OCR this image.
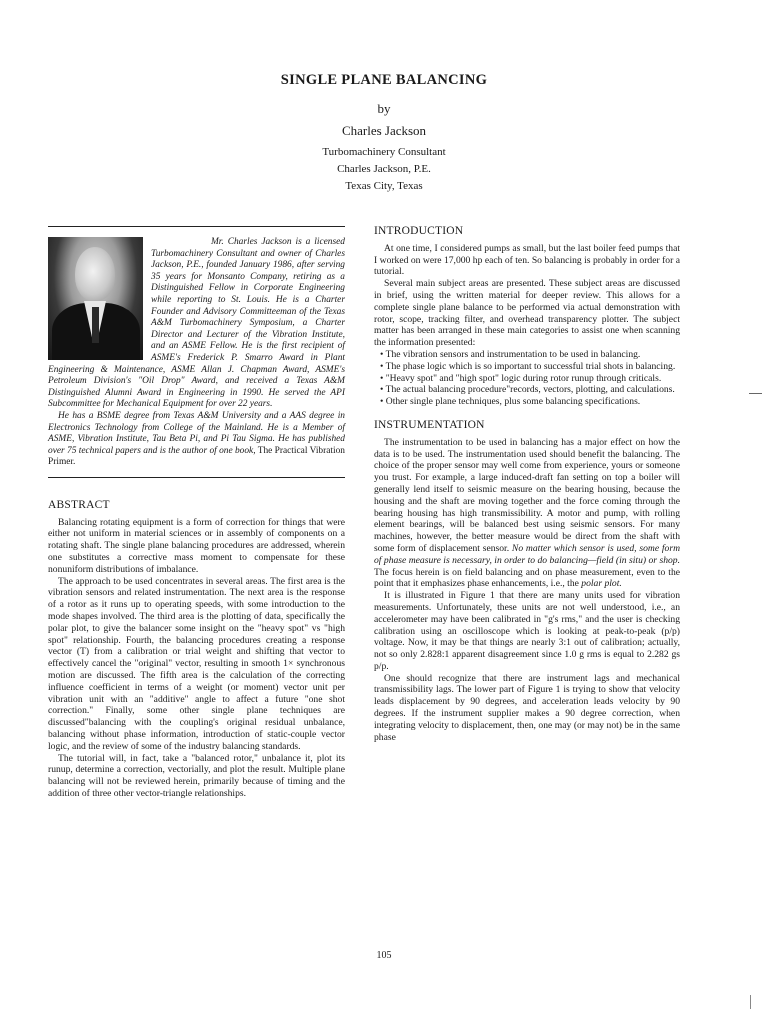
SINGLE PLANE BALANCING
by
Charles Jackson
Turbomachinery Consultant
Charles Jackson, P.E.
Texas City, Texas

Mr. Charles Jackson is a licensed Turbomachinery Consultant and owner of Charles Jackson, P.E., founded January 1986, after serving 35 years for Monsanto Company, retiring as a Distinguished Fellow in Corporate Engineering while reporting to St. Louis. He is a Charter Founder and Advisory Committeeman of the Texas A&M Turbomachinery Symposium, a Charter Director and Lecturer of the Vibration Institute, and an ASME Fellow. He is the first recipient of ASME's Frederick P. Smarro Award in Plant Engineering & Maintenance, ASME Allan J. Chapman Award, ASME's Petroleum Division's "Oil Drop" Award, and received a Texas A&M Distinguished Alumni Award in Engineering in 1990. He served the API Subcommittee for Mechanical Equipment for over 22 years.

He has a BSME degree from Texas A&M University and a AAS degree in Electronics Technology from College of the Mainland. He is a Member of ASME, Vibration Institute, Tau Beta Pi, and Pi Tau Sigma. He has published over 75 technical papers and is the author of one book, The Practical Vibration Primer.

ABSTRACT

Balancing rotating equipment is a form of correction for things that were either not uniform in material sciences or in assembly of components on a rotating shaft. The single plane balancing procedures are addressed, wherein one substitutes a corrective mass moment to compensate for these nonuniform distributions of imbalance.

The approach to be used concentrates in several areas. The first area is the vibration sensors and related instrumentation. The next area is the response of a rotor as it runs up to operating speeds, with some introduction to the mode shapes involved. The third area is the plotting of data, specifically the polar plot, to give the balancer some insight on the "heavy spot" vs "high spot" relationship. Fourth, the balancing procedures creating a response vector (T) from a calibration or trial weight and shifting that vector to effectively cancel the "original" vector, resulting in smooth 1× synchronous motion are discussed. The fifth area is the calculation of the correcting influence coefficient in terms of a weight (or moment) vector unit per vibration unit with an "additive" angle to affect a future "one shot correction." Finally, some other single plane techniques are discussed"balancing with the coupling's original residual unbalance, balancing without phase information, introduction of static-couple vector logic, and the review of some of the industry balancing standards.

The tutorial will, in fact, take a "balanced rotor," unbalance it, plot its runup, determine a correction, vectorially, and plot the result. Multiple plane balancing will not be reviewed herein, primarily because of timing and the addition of three other vector-triangle relationships.

INTRODUCTION

At one time, I considered pumps as small, but the last boiler feed pumps that I worked on were 17,000 hp each of ten. So balancing is probably in order for a tutorial.

Several main subject areas are presented. These subject areas are discussed in brief, using the written material for deeper review. This allows for a complete single plane balance to be performed via actual demonstration with rotor, scope, tracking filter, and overhead transparency plotter. The subject matter has been arranged in these main categories to assist one when scanning the information presented:

• The vibration sensors and instrumentation to be used in balancing.

• The phase logic which is so important to successful trial shots in balancing.

• "Heavy spot" and "high spot" logic during rotor runup through criticals.

• The actual balancing procedure"records, vectors, plotting, and calculations.

• Other single plane techniques, plus some balancing specifications.

INSTRUMENTATION

The instrumentation to be used in balancing has a major effect on how the data is to be used. The instrumentation used should benefit the balancing. The choice of the proper sensor may well come from experience, yours or someone you trust. For example, a large induced-draft fan setting on top a boiler will generally lend itself to seismic measure on the bearing housing, because the housing and the shaft are moving together and the force coming through the bearing housing has high transmissibility. A motor and pump, with rolling element bearings, will be balanced best using seismic sensors. For many machines, however, the better measure would be direct from the shaft with some form of displacement sensor. No matter which sensor is used, some form of phase measure is necessary, in order to do balancing—field (in situ) or shop. The focus herein is on field balancing and on phase measurement, even to the point that it emphasizes phase enhancements, i.e., the polar plot.

It is illustrated in Figure 1 that there are many units used for vibration measurements. Unfortunately, these units are not well understood, i.e., an accelerometer may have been calibrated in "g's rms," and the user is checking calibration using an oscilloscope which is looking at peak-to-peak (p/p) voltage. Now, it may be that things are nearly 3:1 out of calibration; actually, not so only 2.828:1 apparent disagreement since 1.0 g rms is equal to 2.282 gs p/p.

One should recognize that there are instrument lags and mechanical transmissibility lags. The lower part of Figure 1 is trying to show that velocity leads displacement by 90 degrees, and acceleration leads velocity by 90 degrees. If the instrument supplier makes a 90 degree correction, when integrating velocity to displacement, then, one may (or may not) be in the same phase

105
